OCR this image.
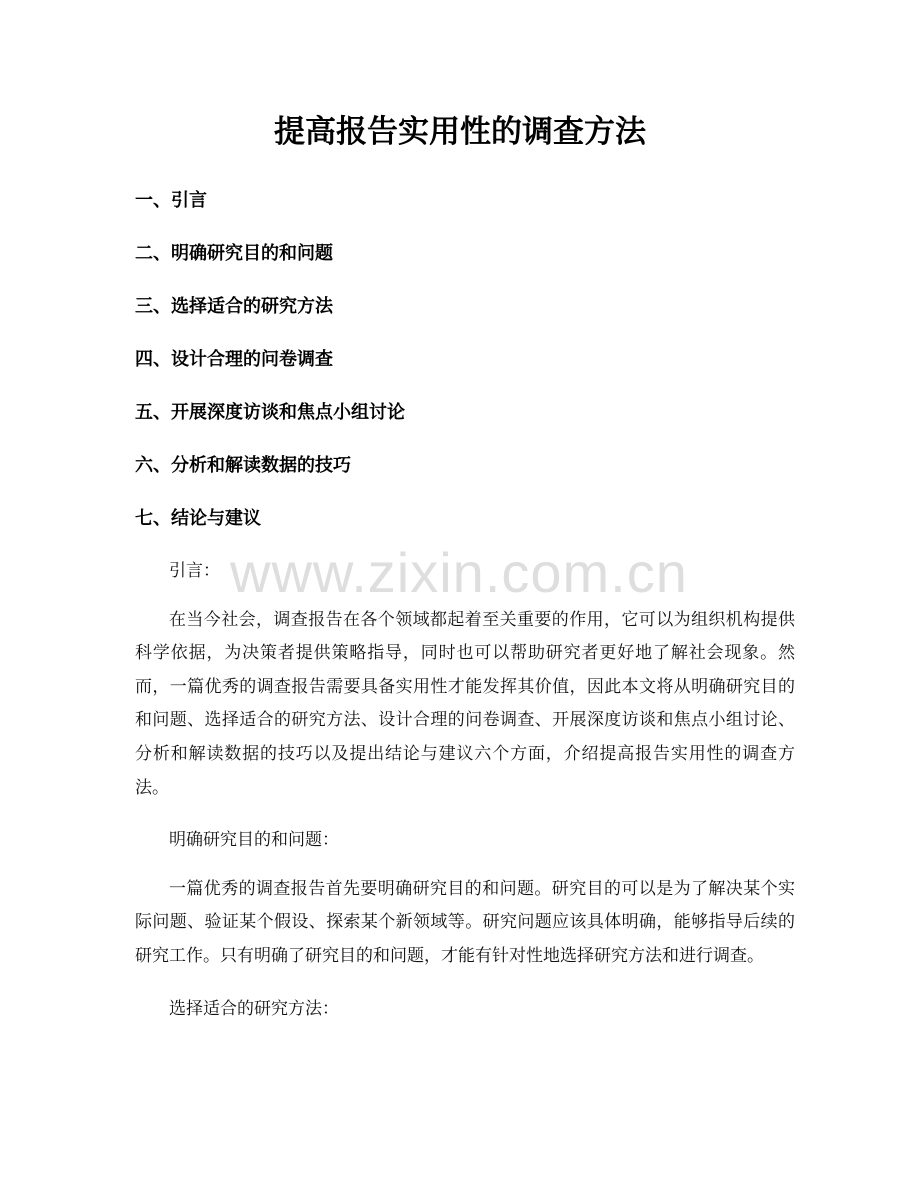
提高报告实用性的调查方法
一、引言
二、明确研究目的和问题
三、选择适合的研究方法
四、设计合理的问卷调查
五、开展深度访谈和焦点小组讨论
六、分析和解读数据的技巧
七、结论与建议

引言：

在当今社会，调查报告在各个领域都起着至关重要的作用，它可以为组织机构提供科学依据，为决策者提供策略指导，同时也可以帮助研究者更好地了解社会现象。然而，一篇优秀的调查报告需要具备实用性才能发挥其价值，因此本文将从明确研究目的和问题、选择适合的研究方法、设计合理的问卷调查、开展深度访谈和焦点小组讨论、分析和解读数据的技巧以及提出结论与建议六个方面，介绍提高报告实用性的调查方法。

明确研究目的和问题：

一篇优秀的调查报告首先要明确研究目的和问题。研究目的可以是为了解决某个实际问题、验证某个假设、探索某个新领域等。研究问题应该具体明确，能够指导后续的研究工作。只有明确了研究目的和问题，才能有针对性地选择研究方法和进行调查。

选择适合的研究方法：

www.zixin.com.cn
